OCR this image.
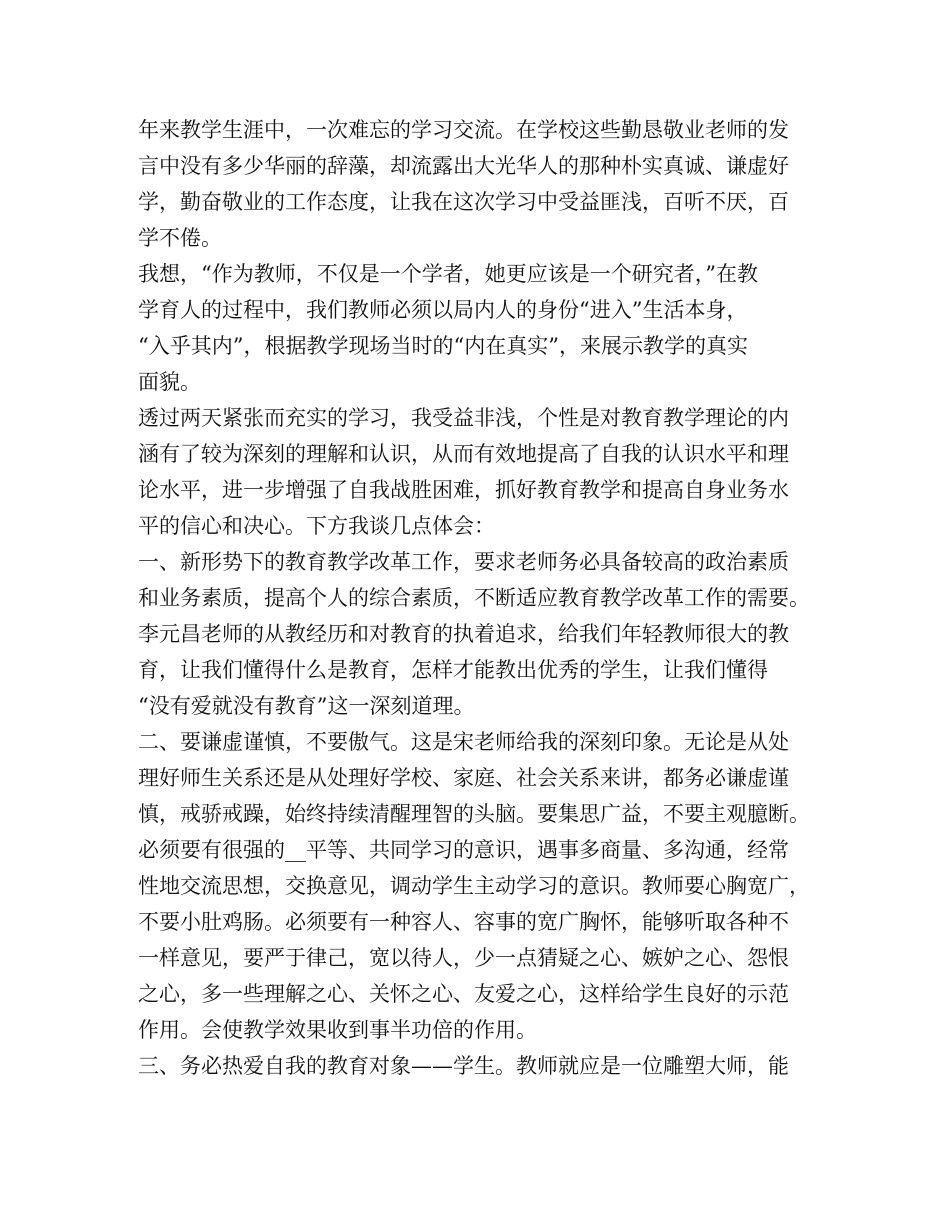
年来教学生涯中，一次难忘的学习交流。在学校这些勤恳敬业老师的发
言中没有多少华丽的辞藻，却流露出大光华人的那种朴实真诚、谦虚好
学，勤奋敬业的工作态度，让我在这次学习中受益匪浅，百听不厌，百
学不倦。
我想，“作为教师，不仅是一个学者，她更应该是一个研究者，”在教
学育人的过程中，我们教师必须以局内人的身份“进入”生活本身，
“入乎其内”，根据教学现场当时的“内在真实”，来展示教学的真实
面貌。
透过两天紧张而充实的学习，我受益非浅，个性是对教育教学理论的内
涵有了较为深刻的理解和认识，从而有效地提高了自我的认识水平和理
论水平，进一步增强了自我战胜困难，抓好教育教学和提高自身业务水
平的信心和决心。下方我谈几点体会：
一、新形势下的教育教学改革工作，要求老师务必具备较高的政治素质
和业务素质，提高个人的综合素质，不断适应教育教学改革工作的需要。
李元昌老师的从教经历和对教育的执着追求，给我们年轻教师很大的教
育，让我们懂得什么是教育，怎样才能教出优秀的学生，让我们懂得
“没有爱就没有教育”这一深刻道理。
二、要谦虚谨慎，不要傲气。这是宋老师给我的深刻印象。无论是从处
理好师生关系还是从处理好学校、家庭、社会关系来讲，都务必谦虚谨
慎，戒骄戒躁，始终持续清醒理智的头脑。要集思广益，不要主观臆断。
必须要有很强的__平等、共同学习的意识，遇事多商量、多沟通，经常
性地交流思想，交换意见，调动学生主动学习的意识。教师要心胸宽广，
不要小肚鸡肠。必须要有一种容人、容事的宽广胸怀，能够听取各种不
一样意见，要严于律己，宽以待人，少一点猜疑之心、嫉妒之心、怨恨
之心，多一些理解之心、关怀之心、友爱之心，这样给学生良好的示范
作用。会使教学效果收到事半功倍的作用。
三、务必热爱自我的教育对象——学生。教师就应是一位雕塑大师，能
